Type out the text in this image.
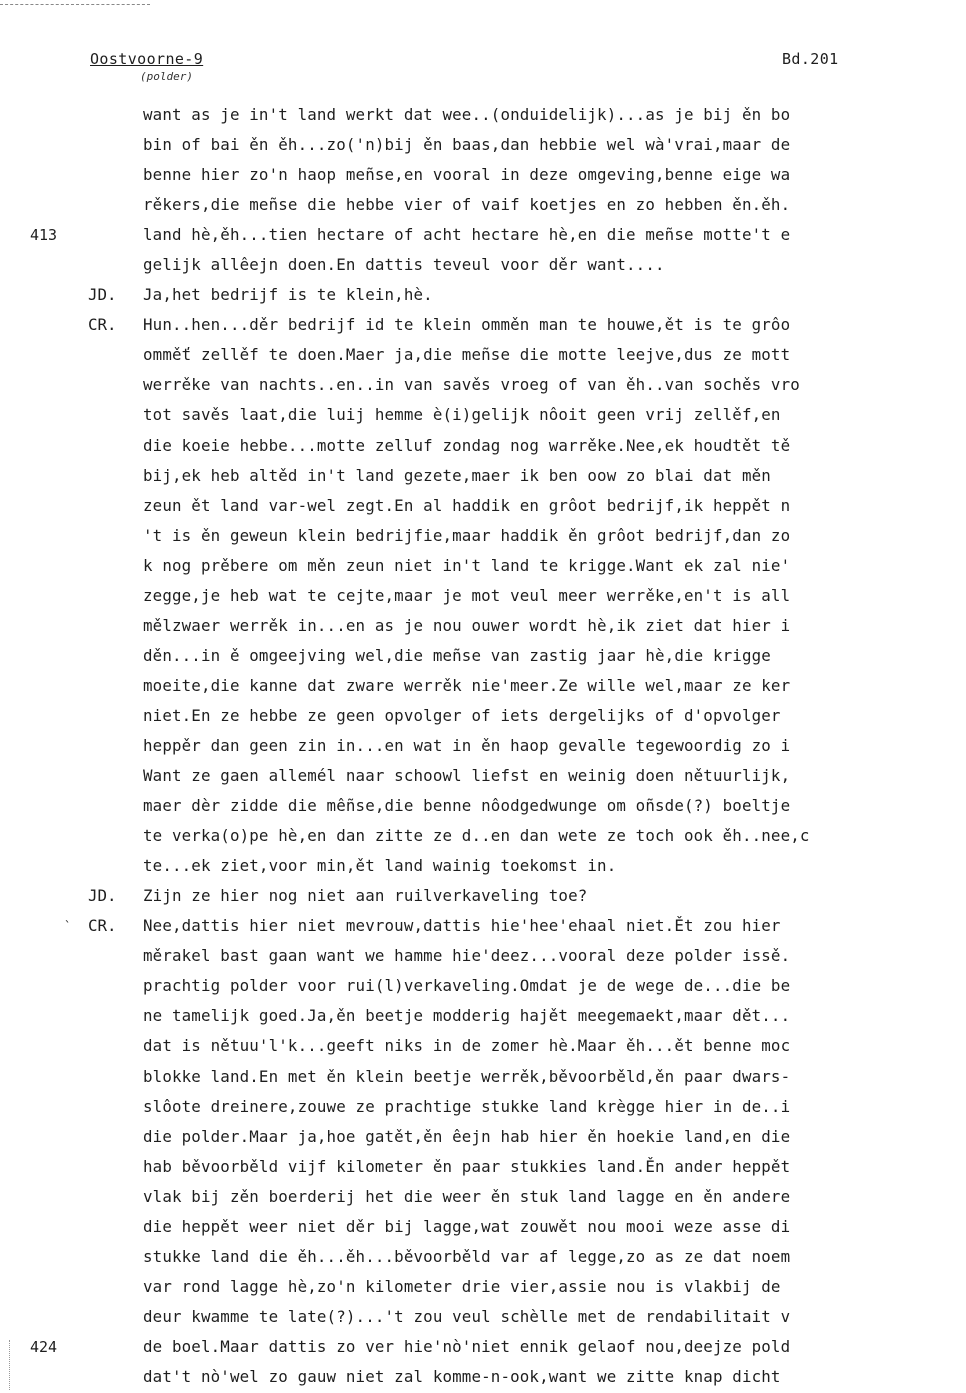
Oostvoorne-9
(polder)
Bd.201
want as je in't land werkt dat wee..(onduidelijk)...as je bij ěn bo
bin of bai ěn ěh...zo('n)bij ěn baas,dan hebbie wel wà'vrai,maar de
benne hier zo'n haop meñse,en vooral in deze omgeving,benne eige wa
rěkers,die meñse die hebbe vier of vaif koetjes en zo hebben ěn.ěh.
413	land hè,ěh...tien hectare of acht hectare hè,en die meñse motte't e
gelijk allêejn doen.En dattis teveul voor děr want....
JD. Ja,het bedrijf is te klein,hè.
CR. Hun..hen...děr bedrijf id te klein omměn man te houwe,ět is te grôo
omměť zellěf te doen.Maer ja,die meñse die motte leejve,dus ze mott
werrěke van nachts..en..in van savěs vroeg of van ěh..van sochěs vro
tot savěs laat,die luij hemme è(i)gelijk nôoit geen vrij zellěf,en
die koeie hebbe...motte zelluf zondag nog warrěke.Nee,ek houdtět tě
bij,ek heb altěd in't land gezete,maer ik ben oow zo blai dat měn
zeun ět land var-wel zegt.En al haddik en grôot bedrijf,ik heppět n
't is ěn geweun klein bedrijfie,maar haddik ěn grôot bedrijf,dan zo
k nog prěbere om měn zeun niet in't land te krigge.Want ek zal nie'
zegge,je heb wat te cejte,maar je mot veul meer werrěke,en't is all
mělzwaer werrěk in...en as je nou ouwer wordt hè,ik ziet dat hier i
děn...in ě omgeejving wel,die meñse van zastig jaar hè,die krigge
moeite,die kanne dat zware werrěk nie'meer.Ze wille wel,maar ze ker
niet.En ze hebbe ze geen opvolger of iets dergelijks of d'opvolger
heppěr dan geen zin in...en wat in ěn haop gevalle tegewoordig zo i
Want ze gaen allemél naar schoowl liefst en weinig doen nětuurlijk,
maer dèr zidde die mêñse,die benne nôodgedwunge om oñsde(?) boeltje
te verka(o)pe hè,en dan zitte ze d..en dan wete ze toch ook ěh..nee,c
te...ek ziet,voor min,ět land wainig toekomst in.
JD. Zijn ze hier nog niet aan ruilverkaveling toe?
` CR. Nee,dattis hier niet mevrouw,dattis hie'hee'ehaal niet.Ět zou hier
měrakel bast gaan want we hamme hie'deez...vooral deze polder issě.
prachtig polder voor rui(l)verkaveling.Omdat je de wege de...die be
ne tamelijk goed.Ja,ěn beetje modderig hajět meegemaekt,maar dět...
dat is nětuu'l'k...geeft niks in de zomer hè.Maar ěh...ět benne moc
blokke land.En met ěn klein beetje werrěk,běvoorběld,ěn paar dwars-
slôote dreinere,zouwe ze prachtige stukke land krègge hier in de..i
die polder.Maar ja,hoe gatět,ěn êejn hab hier ěn hoekie land,en die
hab běvoorběld vijf kilometer ěn paar stukkies land.Ěn ander heppět
vlak bij zěn boerderij het die weer ěn stuk land lagge en ěn andere
die heppět weer niet děr bij lagge,wat zouwět nou mooi weze asse di
stukke land die ěh...ěh...běvoorběld var af legge,zo as ze dat noem
var rond lagge hè,zo'n kilometer drie vier,assie nou is vlakbij de
deur kwamme te late(?)...'t zou veul schèlle met de rendabilitait v
424	de boel.Maar dattis zo ver hie'nò'niet ennik gelaof nou,deejze pold
dat't nò'wel zo gauw niet zal komme-n-ook,want we zitte knap dicht
